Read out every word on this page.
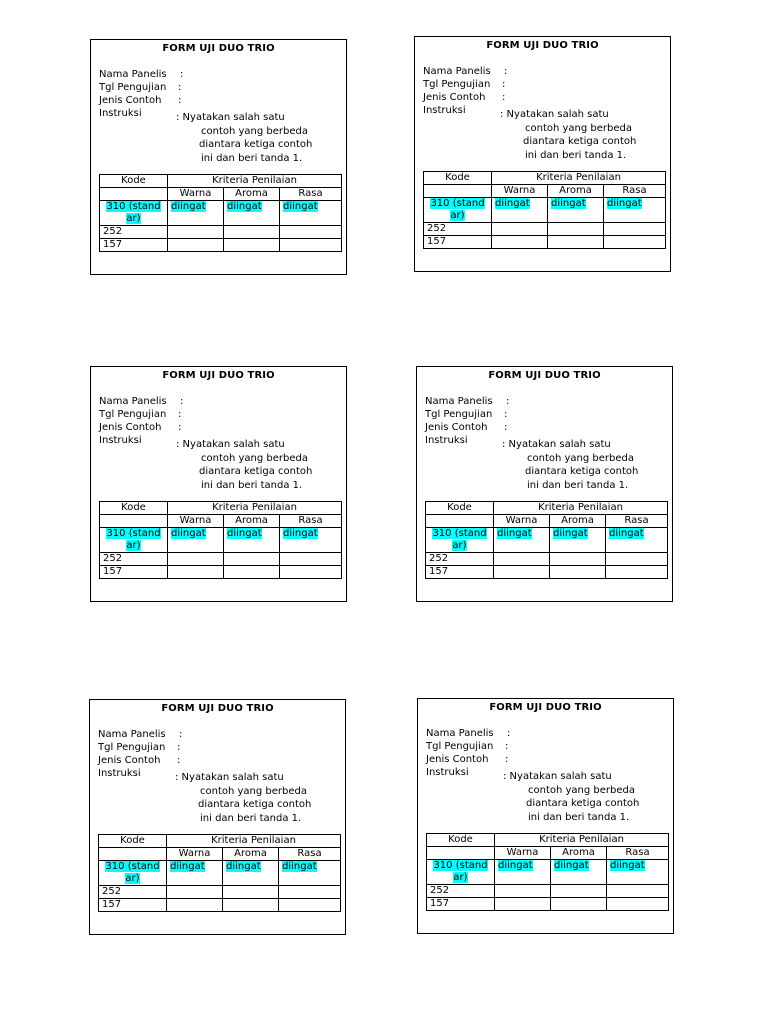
FORM UJI DUO TRIO
Nama Panelis :
Tgl Pengujian :
Jenis Contoh :
Instruksi	: Nyatakan salah satu
contoh yang berbeda
diantara ketiga contoh
ini dan beri tanda 1.
Kode	Kriteria Penilaian		
	Warna	Aroma	Rasa
310 (stand
ar)	diingat	diingat	diingat
252			
157			
FORM UJI DUO TRIO
Nama Panelis :
Tgl Pengujian :
Jenis Contoh :
Instruksi	: Nyatakan salah satu
contoh yang berbeda
diantara ketiga contoh
ini dan beri tanda 1.
Kode	Kriteria Penilaian		
	Warna	Aroma	Rasa
310 (stand
ar)	diingat	diingat	diingat
252			
157			
FORM UJI DUO TRIO
Nama Panelis :
Tgl Pengujian :
Jenis Contoh :
Instruksi	: Nyatakan salah satu
contoh yang berbeda
diantara ketiga contoh
ini dan beri tanda 1.
Kode	Kriteria Penilaian		
	Warna	Aroma	Rasa
310 (stand
ar)	diingat	diingat	diingat
252			
157			
FORM UJI DUO TRIO
Nama Panelis :
Tgl Pengujian :
Jenis Contoh :
Instruksi	: Nyatakan salah satu
contoh yang berbeda
diantara ketiga contoh
ini dan beri tanda 1.
Kode	Kriteria Penilaian		
	Warna	Aroma	Rasa
310 (stand
ar)	diingat	diingat	diingat
252			
157			
FORM UJI DUO TRIO
Nama Panelis :
Tgl Pengujian :
Jenis Contoh :
Instruksi	: Nyatakan salah satu
contoh yang berbeda
diantara ketiga contoh
ini dan beri tanda 1.
Kode	Kriteria Penilaian		
	Warna	Aroma	Rasa
310 (stand
ar)	diingat	diingat	diingat
252			
157			
FORM UJI DUO TRIO
Nama Panelis :
Tgl Pengujian :
Jenis Contoh :
Instruksi	: Nyatakan salah satu
contoh yang berbeda
diantara ketiga contoh
ini dan beri tanda 1.
Kode	Kriteria Penilaian		
	Warna	Aroma	Rasa
310 (stand
ar)	diingat	diingat	diingat
252			
157			
